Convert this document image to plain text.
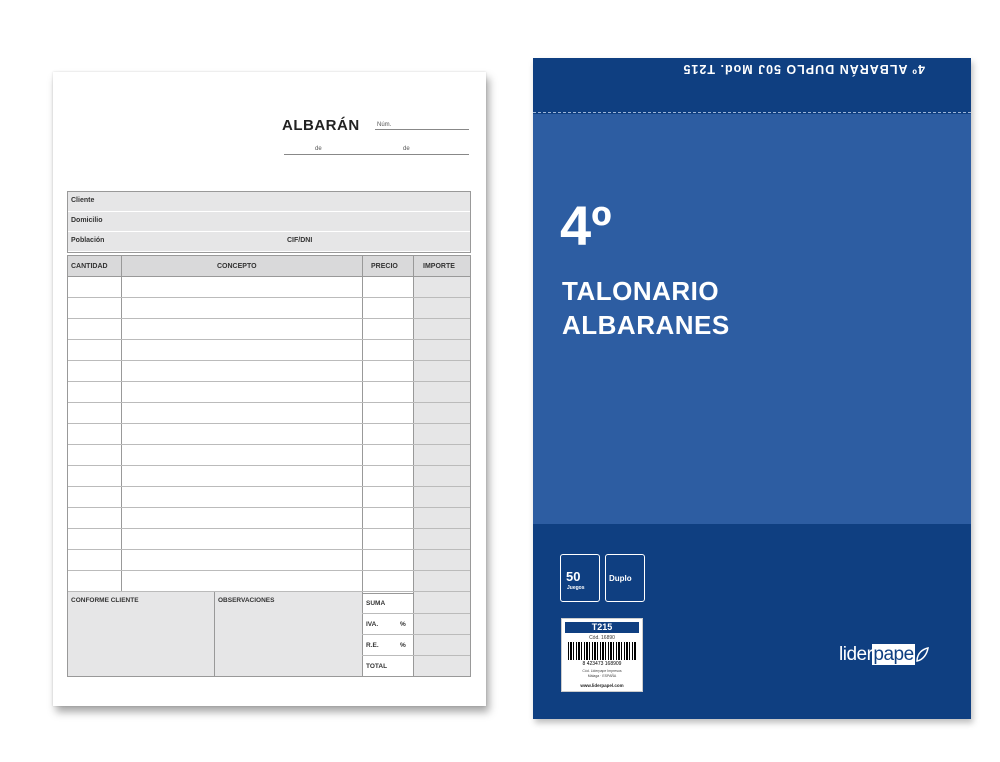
ALBARÁN	Núm.
de	de
Cliente
Domicilio
Población	CIF/DNI
CANTIDAD	CONCEPTO	PRECIO	IMPORTE
CONFORME CLIENTE	OBSERVACIONES	SUMA
IVA.	%
R.E.	%
TOTAL
4º ALBARÁN DUPLO 50J Mod. T215
4º
TALONARIO
ALBARANES
50
Juegos
Duplo
T215
Cód. 16890
8 423473 168909
Cód. Liderpape Impresos
Málaga · ESPAÑA
www.liderpapel.com
liderpape
